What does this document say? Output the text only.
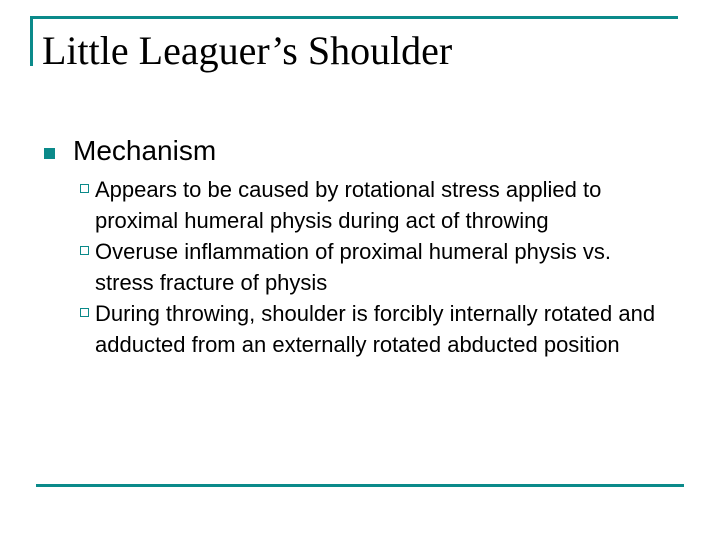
Little Leaguer’s Shoulder
Mechanism
Appears to be caused by rotational stress applied to proximal humeral physis during act of throwing
Overuse inflammation of proximal humeral physis vs. stress fracture of physis
During throwing, shoulder is forcibly internally rotated and adducted from an externally rotated abducted position
